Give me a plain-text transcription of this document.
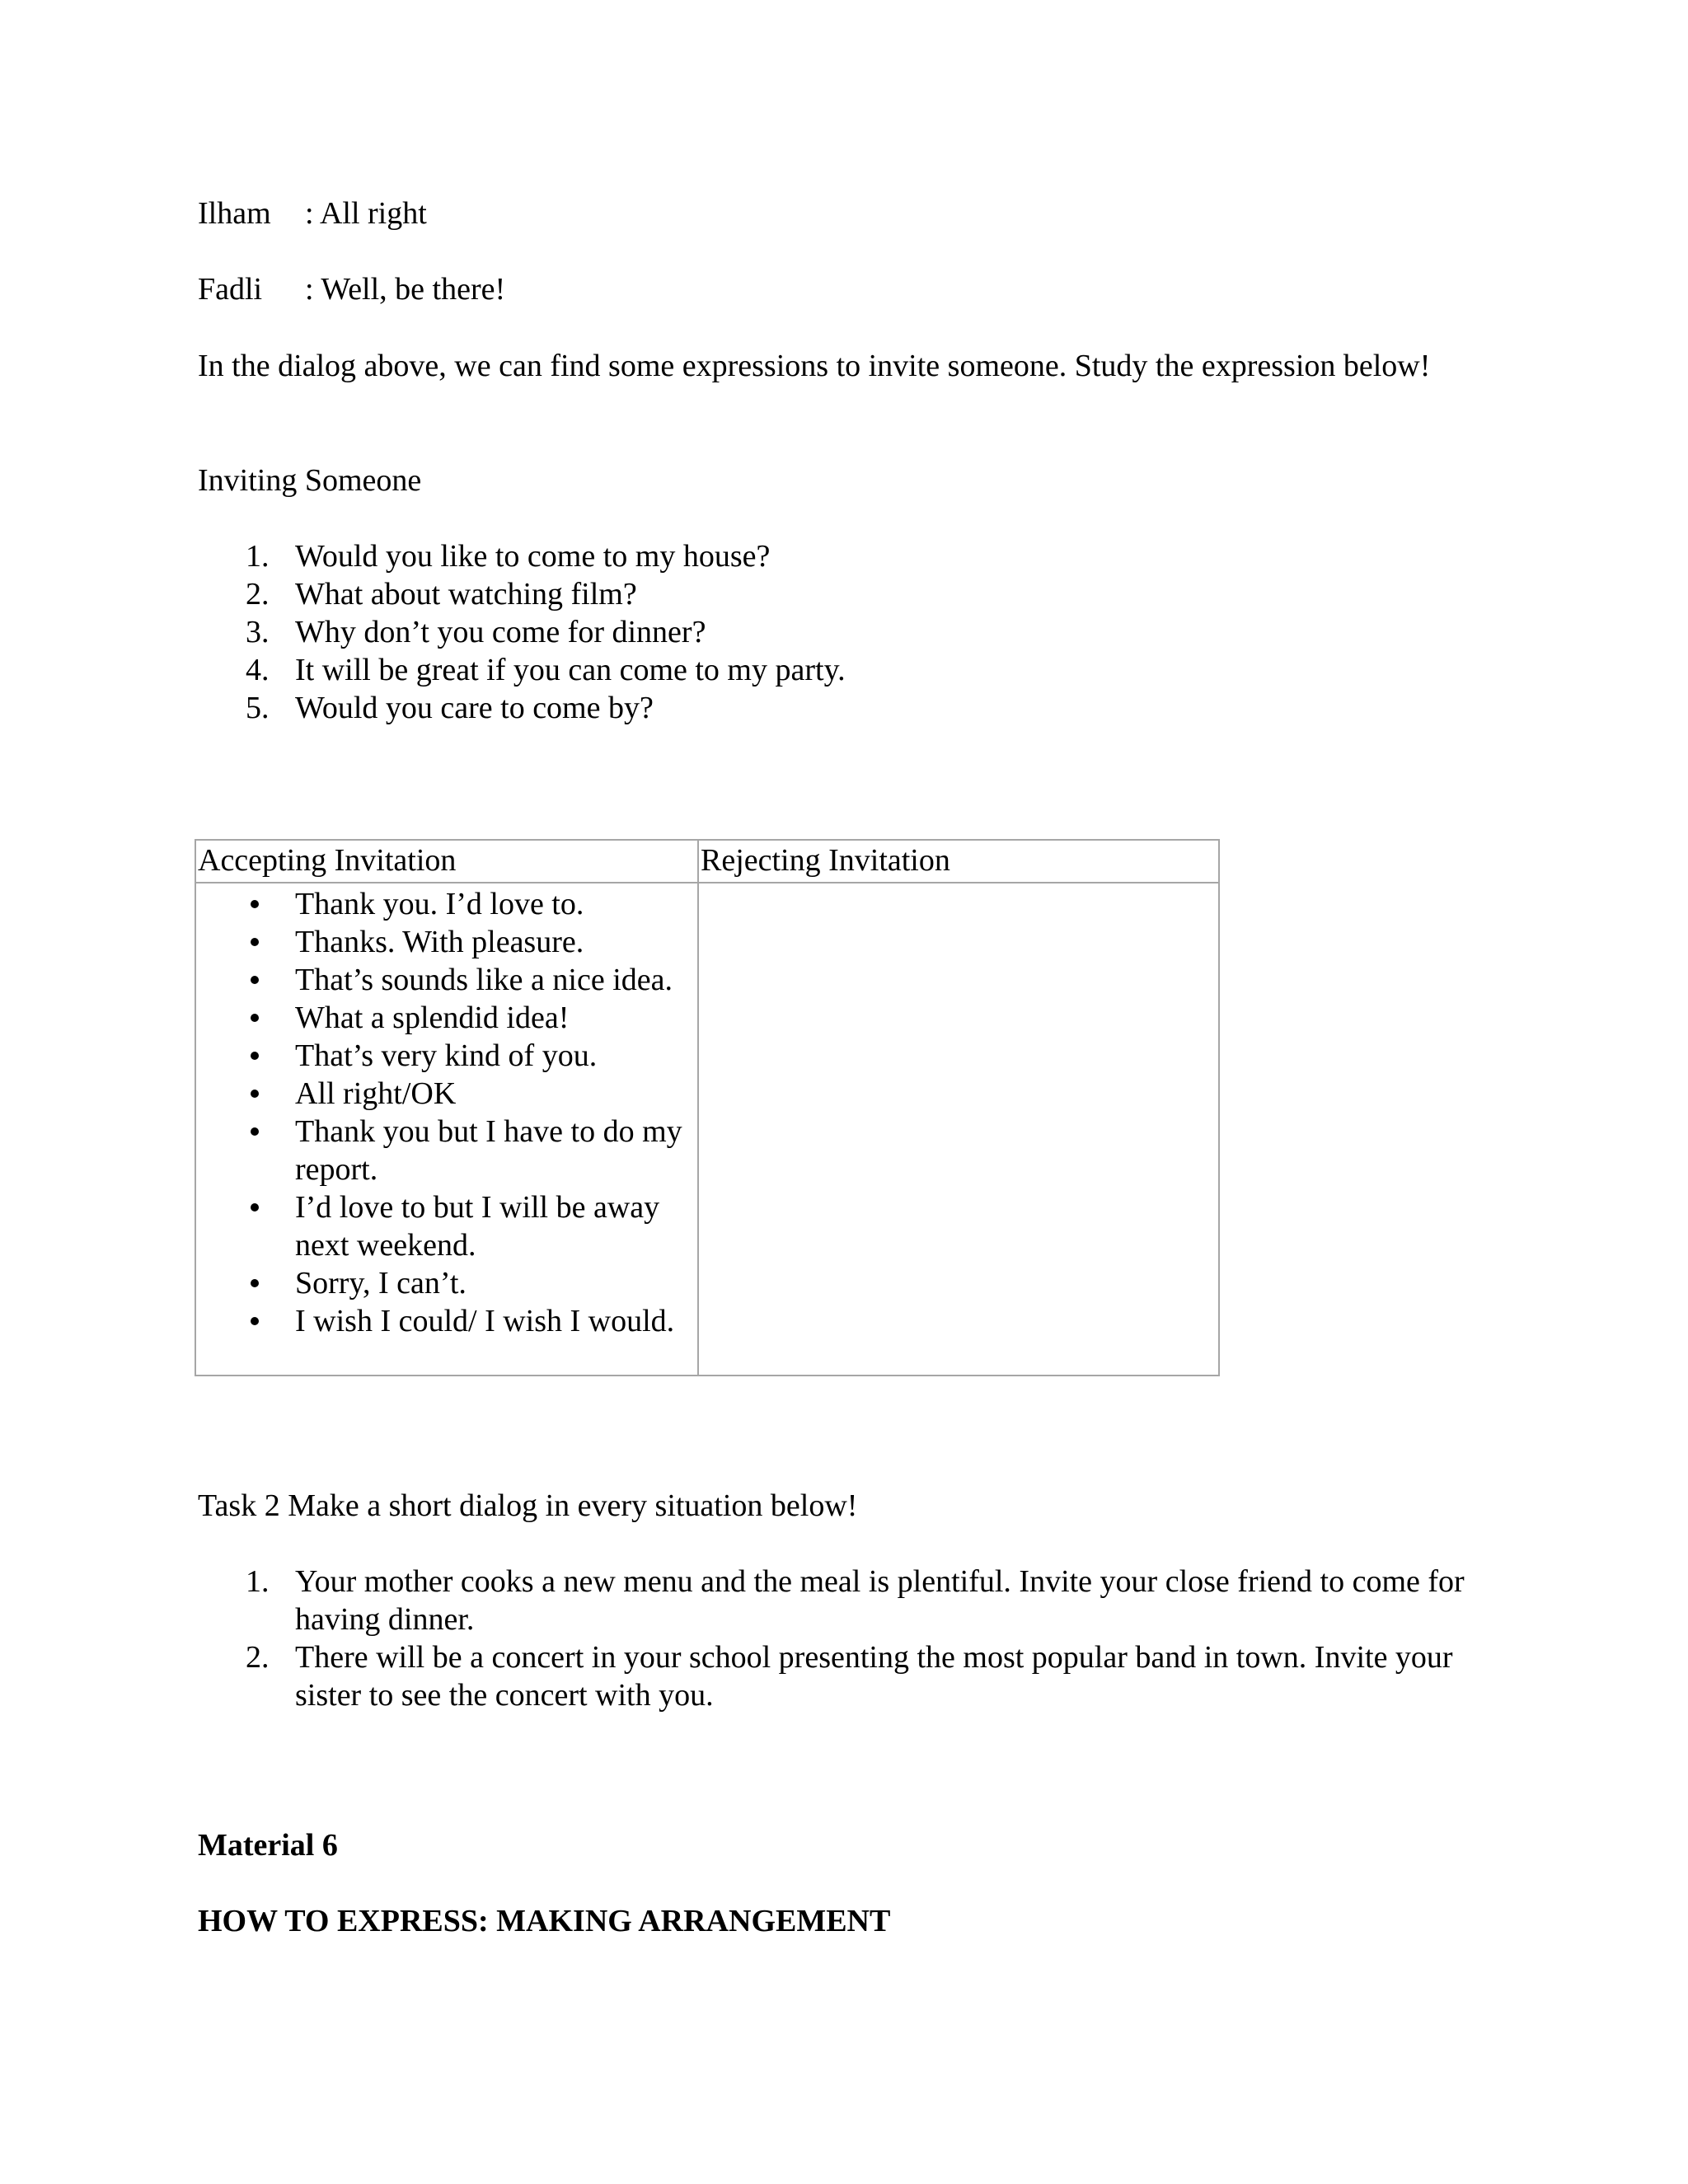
Ilham : All right
Fadli : Well, be there!
In the dialog above, we can find some expressions to invite someone. Study the expression below!
Inviting Someone
1. Would you like to come to my house?
2. What about watching film?
3. Why don’t you come for dinner?
4. It will be great if you can come to my party.
5. Would you care to come by?
Accepting Invitation	Rejecting Invitation
Thank you. I’d love to.
Thanks. With pleasure.
That’s sounds like a nice idea.
What a splendid idea!
That’s very kind of you.
All right/OK
Thank you but I have to do my report.
I’d love to but I will be away next weekend.
Sorry, I can’t.
I wish I could/ I wish I would.
Task 2 Make a short dialog in every situation below!
1. Your mother cooks a new menu and the meal is plentiful. Invite your close friend to come for having dinner.
2. There will be a concert in your school presenting the most popular band in town. Invite your sister to see the concert with you.
Material 6
HOW TO EXPRESS: MAKING ARRANGEMENT
